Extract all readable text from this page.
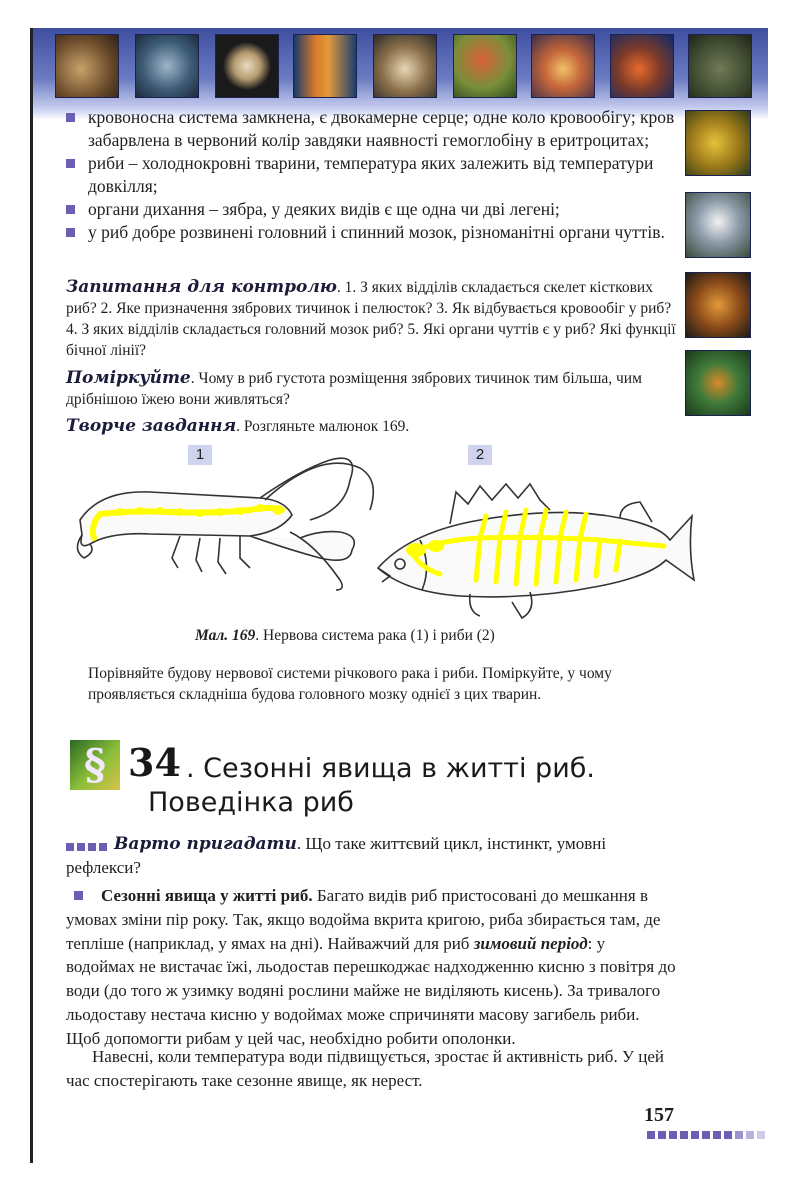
кровоносна система замкнена, є двокамерне серце; одне коло кровообігу; кров забарвлена в червоний колір завдяки наявності гемоглобіну в еритроцитах;

риби – холоднокровні тварини, температура яких залежить від температури довкілля;

органи дихання – зябра, у деяких видів є ще одна чи дві легені;

у риб добре розвинені головний і спинний мозок, різноманітні органи чуттів.

Запитання для контролю. 1. З яких відділів складається скелет кісткових риб? 2. Яке призначення зябрових тичинок і пелюсток? 3. Як відбувається кровообіг у риб? 4. З яких відділів складається головний мозок риб? 5. Які органи чуттів є у риб? Які функції бічної лінії?
Поміркуйте. Чому в риб густота розміщення зябрових тичинок тим більша, чим дрібнішою їжею вони живляться?
Творче завдання. Розгляньте малюнок 169.
1	2
Мал. 169. Нервова система рака (1) і риби (2)
Порівняйте будову нервової системи річкового рака і риби. Поміркуйте, у чому проявляється складніша будова головного мозку однієї з цих тварин.
§ 34 . Сезонні явища в житті риб.
Поведінка риб
Варто пригадати. Що таке життєвий цикл, інстинкт, умовні рефлекси?
Сезонні явища у житті риб. Багато видів риб пристосовані до мешкання в умовах зміни пір року. Так, якщо водойма вкрита кригою, риба збирається там, де тепліше (наприклад, у ямах на дні). Найважчий для риб зимовий період: у водоймах не вистачає їжі, льодостав перешкоджає надходженню кисню з повітря до води (до того ж узимку водяні рослини майже не виділяють кисень). За тривалого льодоставу нестача кисню у водоймах може спричиняти масову загибель риби. Щоб допомогти рибам у цей час, необхідно робити ополонки.
Навесні, коли температура води підвищується, зростає й активність риб. У цей час спостерігають таке сезонне явище, як нерест.
157
